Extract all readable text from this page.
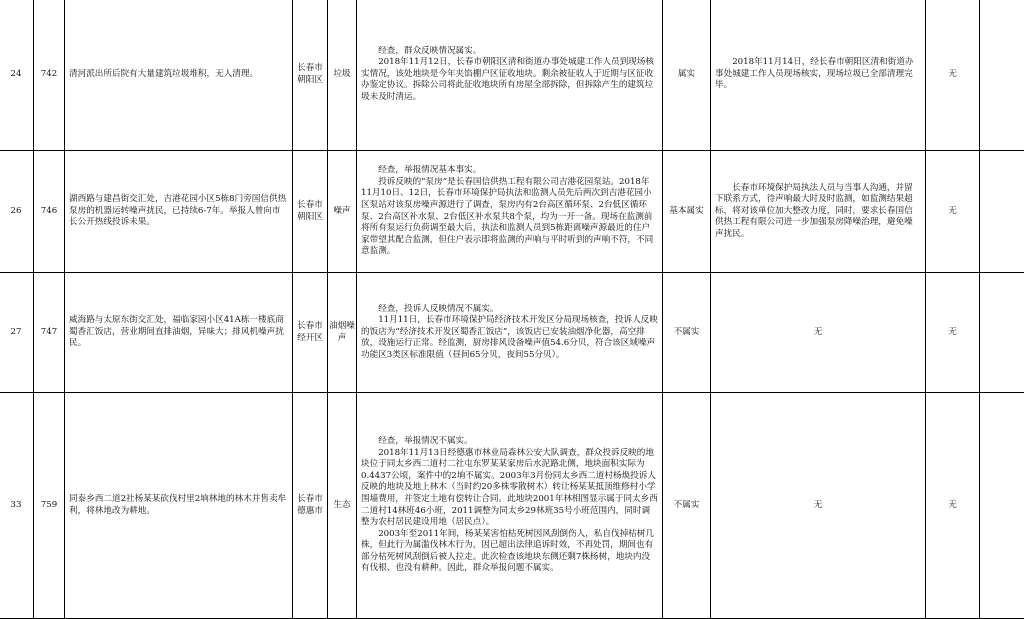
24	742	清河派出所后院有大量建筑垃圾堆积，无人清理。	长春市朝阳区	垃圾	　　经查，群众反映情况属实。
　　2018年11月12日，长春市朝阳区清和街道办事处城建工作人员到现场核实情况，该处地块是今年夹馅棚户区征收地块。剩余被征收人于近期与区征收办鉴定协议。拆除公司将此征收地块所有房屋全部拆除，但拆除产生的建筑垃圾未及时清运。	属实	　　2018年11月14日，经长春市朝阳区清和街道办事处城建工作人员现场核实，现场垃圾已全部清理完毕。	无	
26	746	湖西路与建昌街交汇处，吉港花园小区5栋8门旁国信供热泵房的机器运转噪声扰民，已持续6-7年。举报人曾向市长公开热线投诉未果。	长春市朝阳区	噪声	　　经查，举报情况基本事实。
　　投诉反映的“泵房”是长春国信供热工程有限公司吉港花园泵站。2018年11月10日、12日，长春市环境保护局执法和监测人员先后两次到吉港花园小区泵站对该泵房噪声源进行了调查，泵房内有2台高区循环泵、2台低区循环泵、2台高区补水泵、2台低区补水泵共8个泵，均为一开一备。现场在监测前将所有泵运行负荷调至最大后，执法和监测人员到5栋距离噪声源最近的住户家带望其配合监测，但住户表示即将监测的声响与平时听到的声响不符，不同意监测。	基本属实	　　长春市环境保护局执法人员与当事人沟通，并留下联系方式，待声响最大时及时监测，如监测结果超标，将对该单位加大整改力度，同时，要求长春国信供热工程有限公司进一步加强泵房降噪治理，避免噪声扰民。	无	
27	747	威海路与太原东街交汇处，福临家园小区41A栋一楼底商蜀香汇饭店，营业期间直排油烟，异味大；排风机噪声扰民。	长春市经开区	油烟噪声	　　经查，投诉人反映情况不属实。
　　11月11日，长春市环境保护局经济技术开发区分局现场核查，投诉人反映的饭店为“经济技术开发区蜀香汇饭店”，该饭店已安装油烟净化器，高空排放，设施运行正常。经监测，厨房排风设备噪声值54.6分贝，符合该区域噪声功能区3类区标准限值（昼间65分贝，夜间55分贝）。	不属实	无	无	
33	759	同泰乡西二道2社杨某某砍伐村里2垧林地的林木并售卖牟利，将林地改为耕地。	长春市德惠市	生态	　　经查，举报情况不属实。
　　2018年11月13日经德惠市林业局森林公安大队调查，群众投诉反映的地块位于同太乡西二道村二社屯东罗某某家房后水泥路北侧，地块面积实际为0.4437公顷，案件中的2垧不属实。2003年3月份同太乡西二道村杨焕投诉人反映的地块及地上林木（当时约20多株零散树木）转让杨某某抵顶维修村小学围墙费用，并签定土地有偿转让合同。此地块2001年林相图显示属于同太乡西二道村14林班46小班，2011调整为同太乡29林班35号小班范围内，同时调整为农村居民建设用地（居民点）。
　　2003年至2011年间，杨某某害怕枯死树因风刮倒伤人，私自伐掉枯树几株，但此行为属滥伐林木行为，因已超出法律追诉时效，不再处罚，期间也有部分枯死树风刮倒后被人拉走。此次检查该地块东侧还剩7株杨树，地块内没有伐根、也没有耕种。因此，群众举报问题不属实。	不属实	无	无	
